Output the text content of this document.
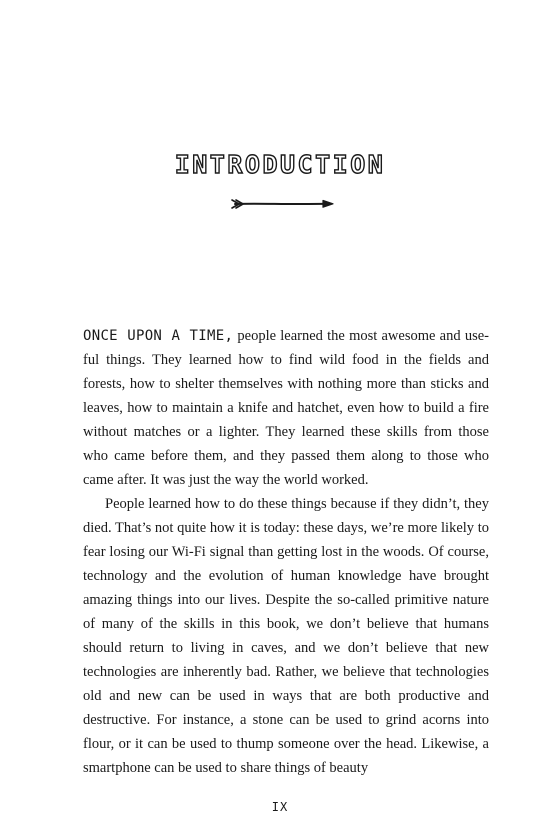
INTRODUCTION

ONCE UPON A TIME, people learned the most awesome and useful things. They learned how to find wild food in the fields and forests, how to shelter themselves with nothing more than sticks and leaves, how to maintain a knife and hatchet, even how to build a fire without matches or a lighter. They learned these skills from those who came before them, and they passed them along to those who came after. It was just the way the world worked.

People learned how to do these things because if they didn’t, they died. That’s not quite how it is today: these days, we’re more likely to fear losing our Wi-Fi signal than getting lost in the woods. Of course, technology and the evolution of human knowledge have brought amazing things into our lives. Despite the so-called primitive nature of many of the skills in this book, we don’t believe that humans should return to living in caves, and we don’t believe that new technologies are inherently bad. Rather, we believe that technologies old and new can be used in ways that are both productive and destructive. For instance, a stone can be used to grind acorns into flour, or it can be used to thump someone over the head. Likewise, a smartphone can be used to share things of beauty

IX
